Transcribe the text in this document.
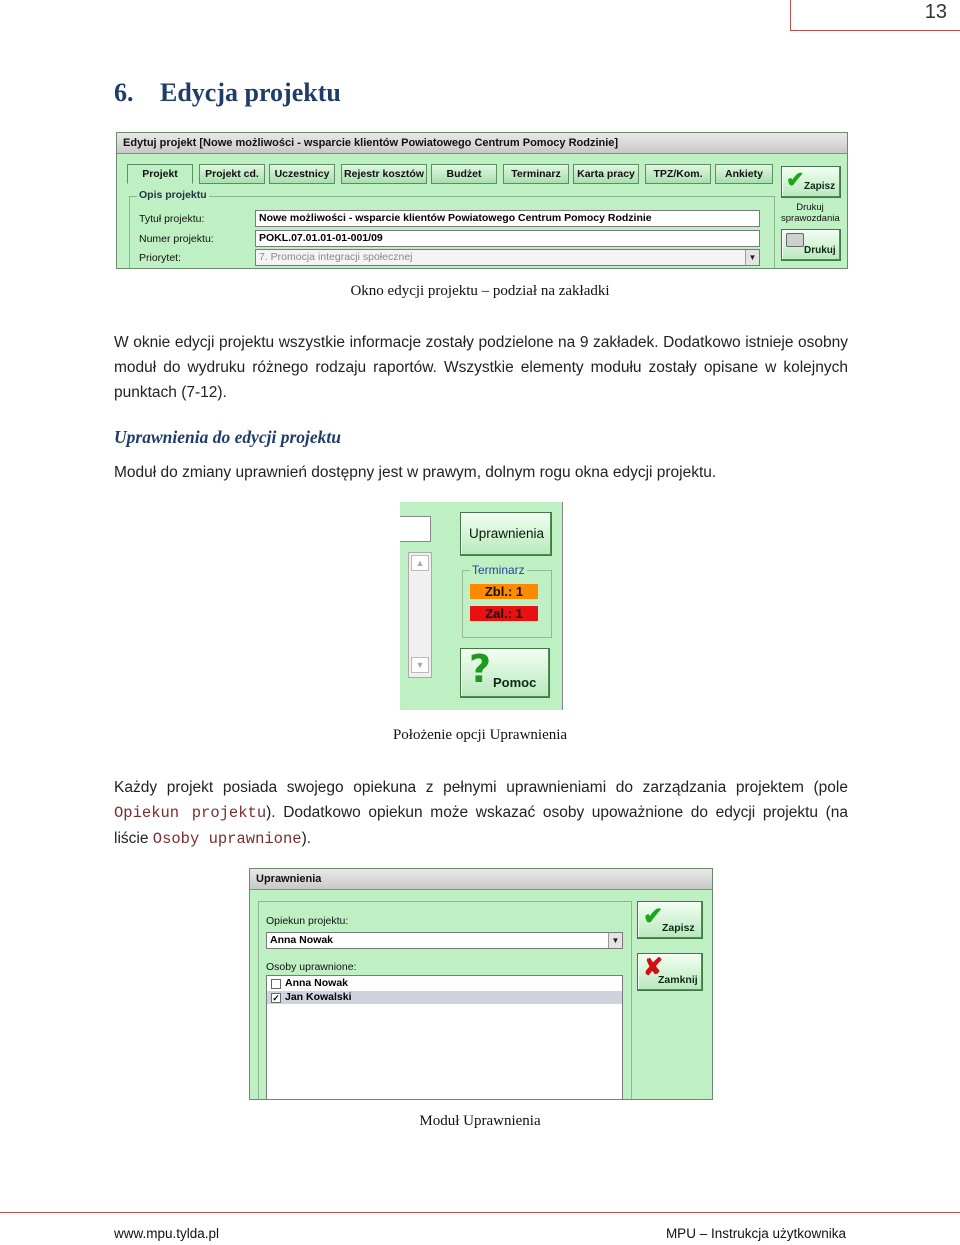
13
6. Edycja projektu
Edytuj projekt [Nowe możliwości - wsparcie klientów Powiatowego Centrum Pomocy Rodzinie]
Projekt	Projekt cd.	Uczestnicy	Rejestr kosztów	Budżet	Terminarz	Karta pracy	TPZ/Kom.	Ankiety
Opis projektu
Tytuł projektu:	Nowe możliwości - wsparcie klientów Powiatowego Centrum Pomocy Rodzinie
Numer projektu:	POKL.07.01.01-01-001/09
Priorytet:	7. Promocja integracji społecznej	▼
✔ Zapisz
Drukuj sprawozdania
Drukuj
Okno edycji projektu – podział na zakładki
W oknie edycji projektu wszystkie informacje zostały podzielone na 9 zakładek. Dodatkowo istnieje osobny moduł do wydruku różnego rodzaju raportów. Wszystkie elementy modułu zostały opisane w kolejnych punktach (7-12).
Uprawnienia do edycji projektu
Moduł do zmiany uprawnień dostępny jest w prawym, dolnym rogu okna edycji projektu.
▲
▼
Uprawnienia
Terminarz
Zbl.: 1
Zal.: 1
? Pomoc
Położenie opcji Uprawnienia
Każdy projekt posiada swojego opiekuna z pełnymi uprawnieniami do zarządzania projektem (pole Opiekun projektu). Dodatkowo opiekun może wskazać osoby upoważnione do edycji projektu (na liście Osoby uprawnione).
Uprawnienia
Opiekun projektu:
Anna Nowak	▼
Osoby uprawnione:
Anna Nowak
✓ Jan Kowalski
✔
Zapisz
✘
Zamknij
Moduł Uprawnienia
www.mpu.tylda.pl	MPU – Instrukcja użytkownika
